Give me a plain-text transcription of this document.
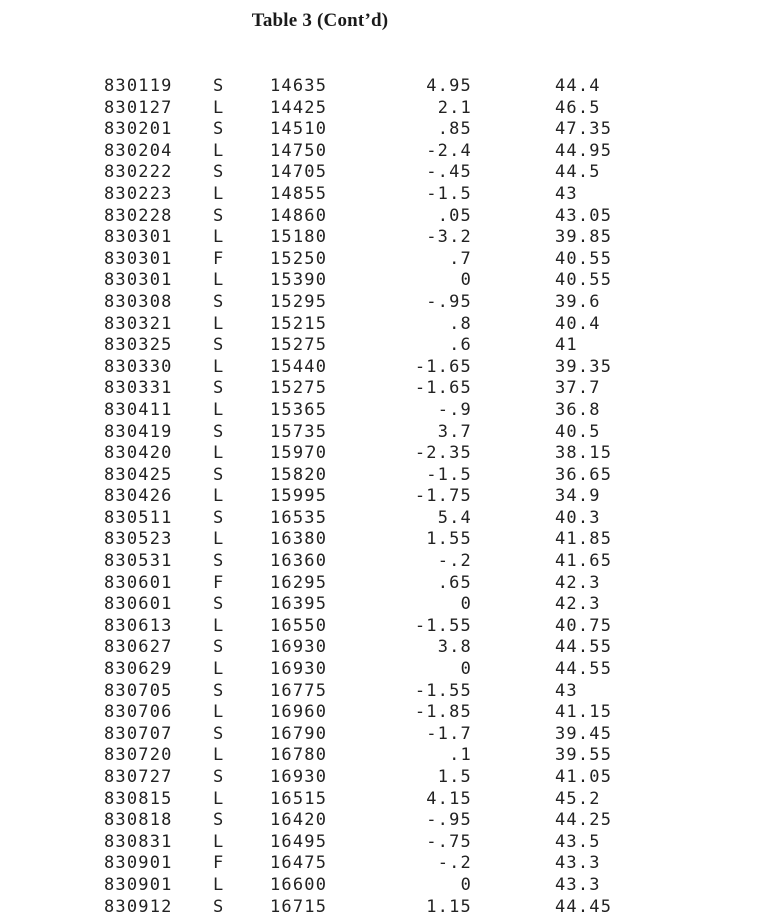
Table 3 (Cont’d)
830119 S	14635	4.95	44.4
830127 L	14425	2.1	46.5
830201 S	14510	.85	47.35
830204 L	14750	-2.4	44.95
830222 S	14705	-.45	44.5
830223 L	14855	-1.5	43
830228 S	14860	.05	43.05
830301 L	15180	-3.2	39.85
830301 F	15250	.7	40.55
830301 L	15390	0	40.55
830308 S	15295	-.95	39.6
830321 L	15215	.8	40.4
830325 S	15275	.6	41
830330 L	15440	-1.65	39.35
830331 S	15275	-1.65	37.7
830411 L	15365	-.9	36.8
830419 S	15735	3.7	40.5
830420 L	15970	-2.35	38.15
830425 S	15820	-1.5	36.65
830426 L	15995	-1.75	34.9
830511 S	16535	5.4	40.3
830523 L	16380	1.55	41.85
830531 S	16360	-.2	41.65
830601 F	16295	.65	42.3
830601 S	16395	0	42.3
830613 L	16550	-1.55	40.75
830627 S	16930	3.8	44.55
830629 L	16930	0	44.55
830705 S	16775	-1.55	43
830706 L	16960	-1.85	41.15
830707 S	16790	-1.7	39.45
830720 L	16780	.1	39.55
830727 S	16930	1.5	41.05
830815 L	16515	4.15	45.2
830818 S	16420	-.95	44.25
830831 L	16495	-.75	43.5
830901 F	16475	-.2	43.3
830901 L	16600	0	43.3
830912 S	16715	1.15	44.45
